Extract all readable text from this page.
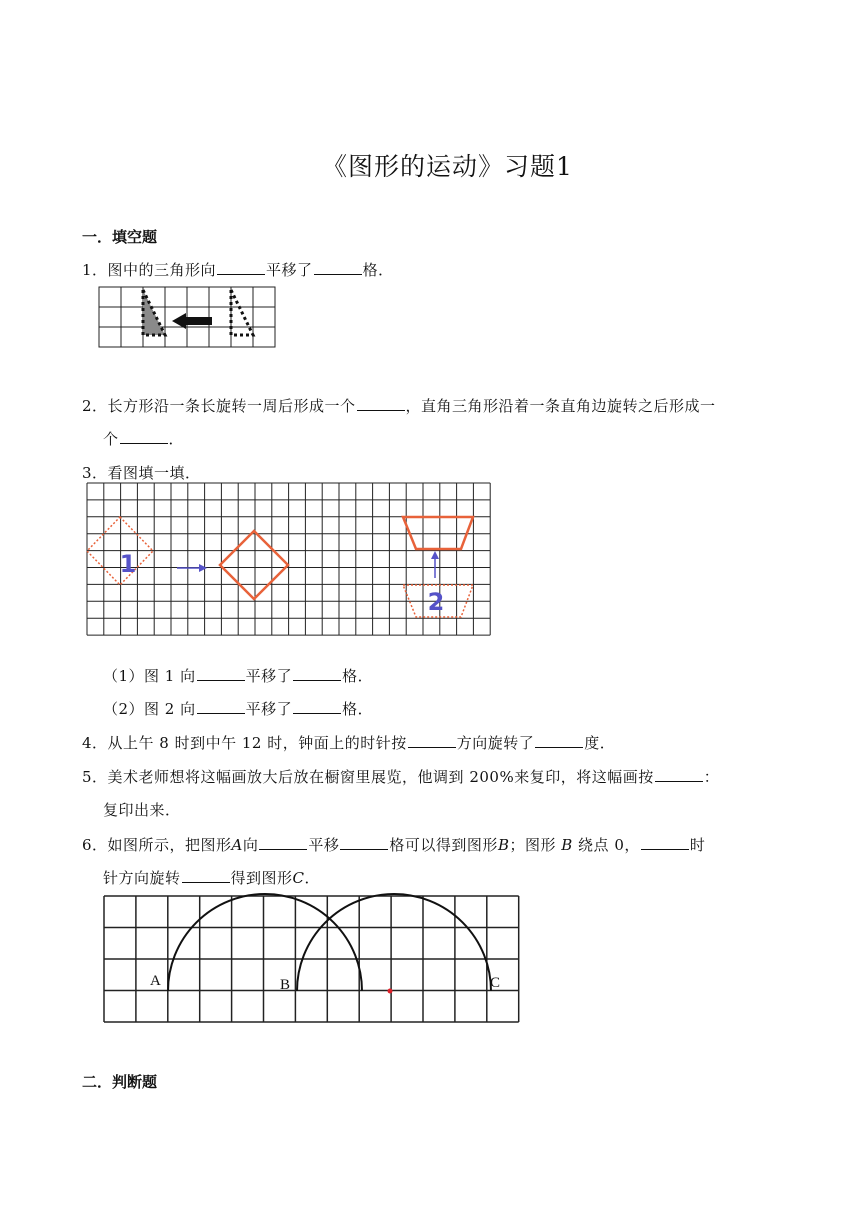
《图形的运动》习题1
一．填空题
1．图中的三角形向	平移了	格．
2．长方形沿一条长旋转一周后形成一个	，直角三角形沿着一条直角边旋转之后形成一
个	．
3．看图填一填．
1
2
（1）图 1 向	平移了	格．
（2）图 2 向	平移了	格．
4．从上午 8 时到中午 12 时，钟面上的时针按	方向旋转了	度．
5．美术老师想将这幅画放大后放在橱窗里展览，他调到 200%来复印，将这幅画按	：
复印出来．
6．如图所示，把图形A向	平移	格可以得到图形B；图形 B 绕点 0，	时
针方向旋转	得到图形C．
A	B	C
二．判断题
